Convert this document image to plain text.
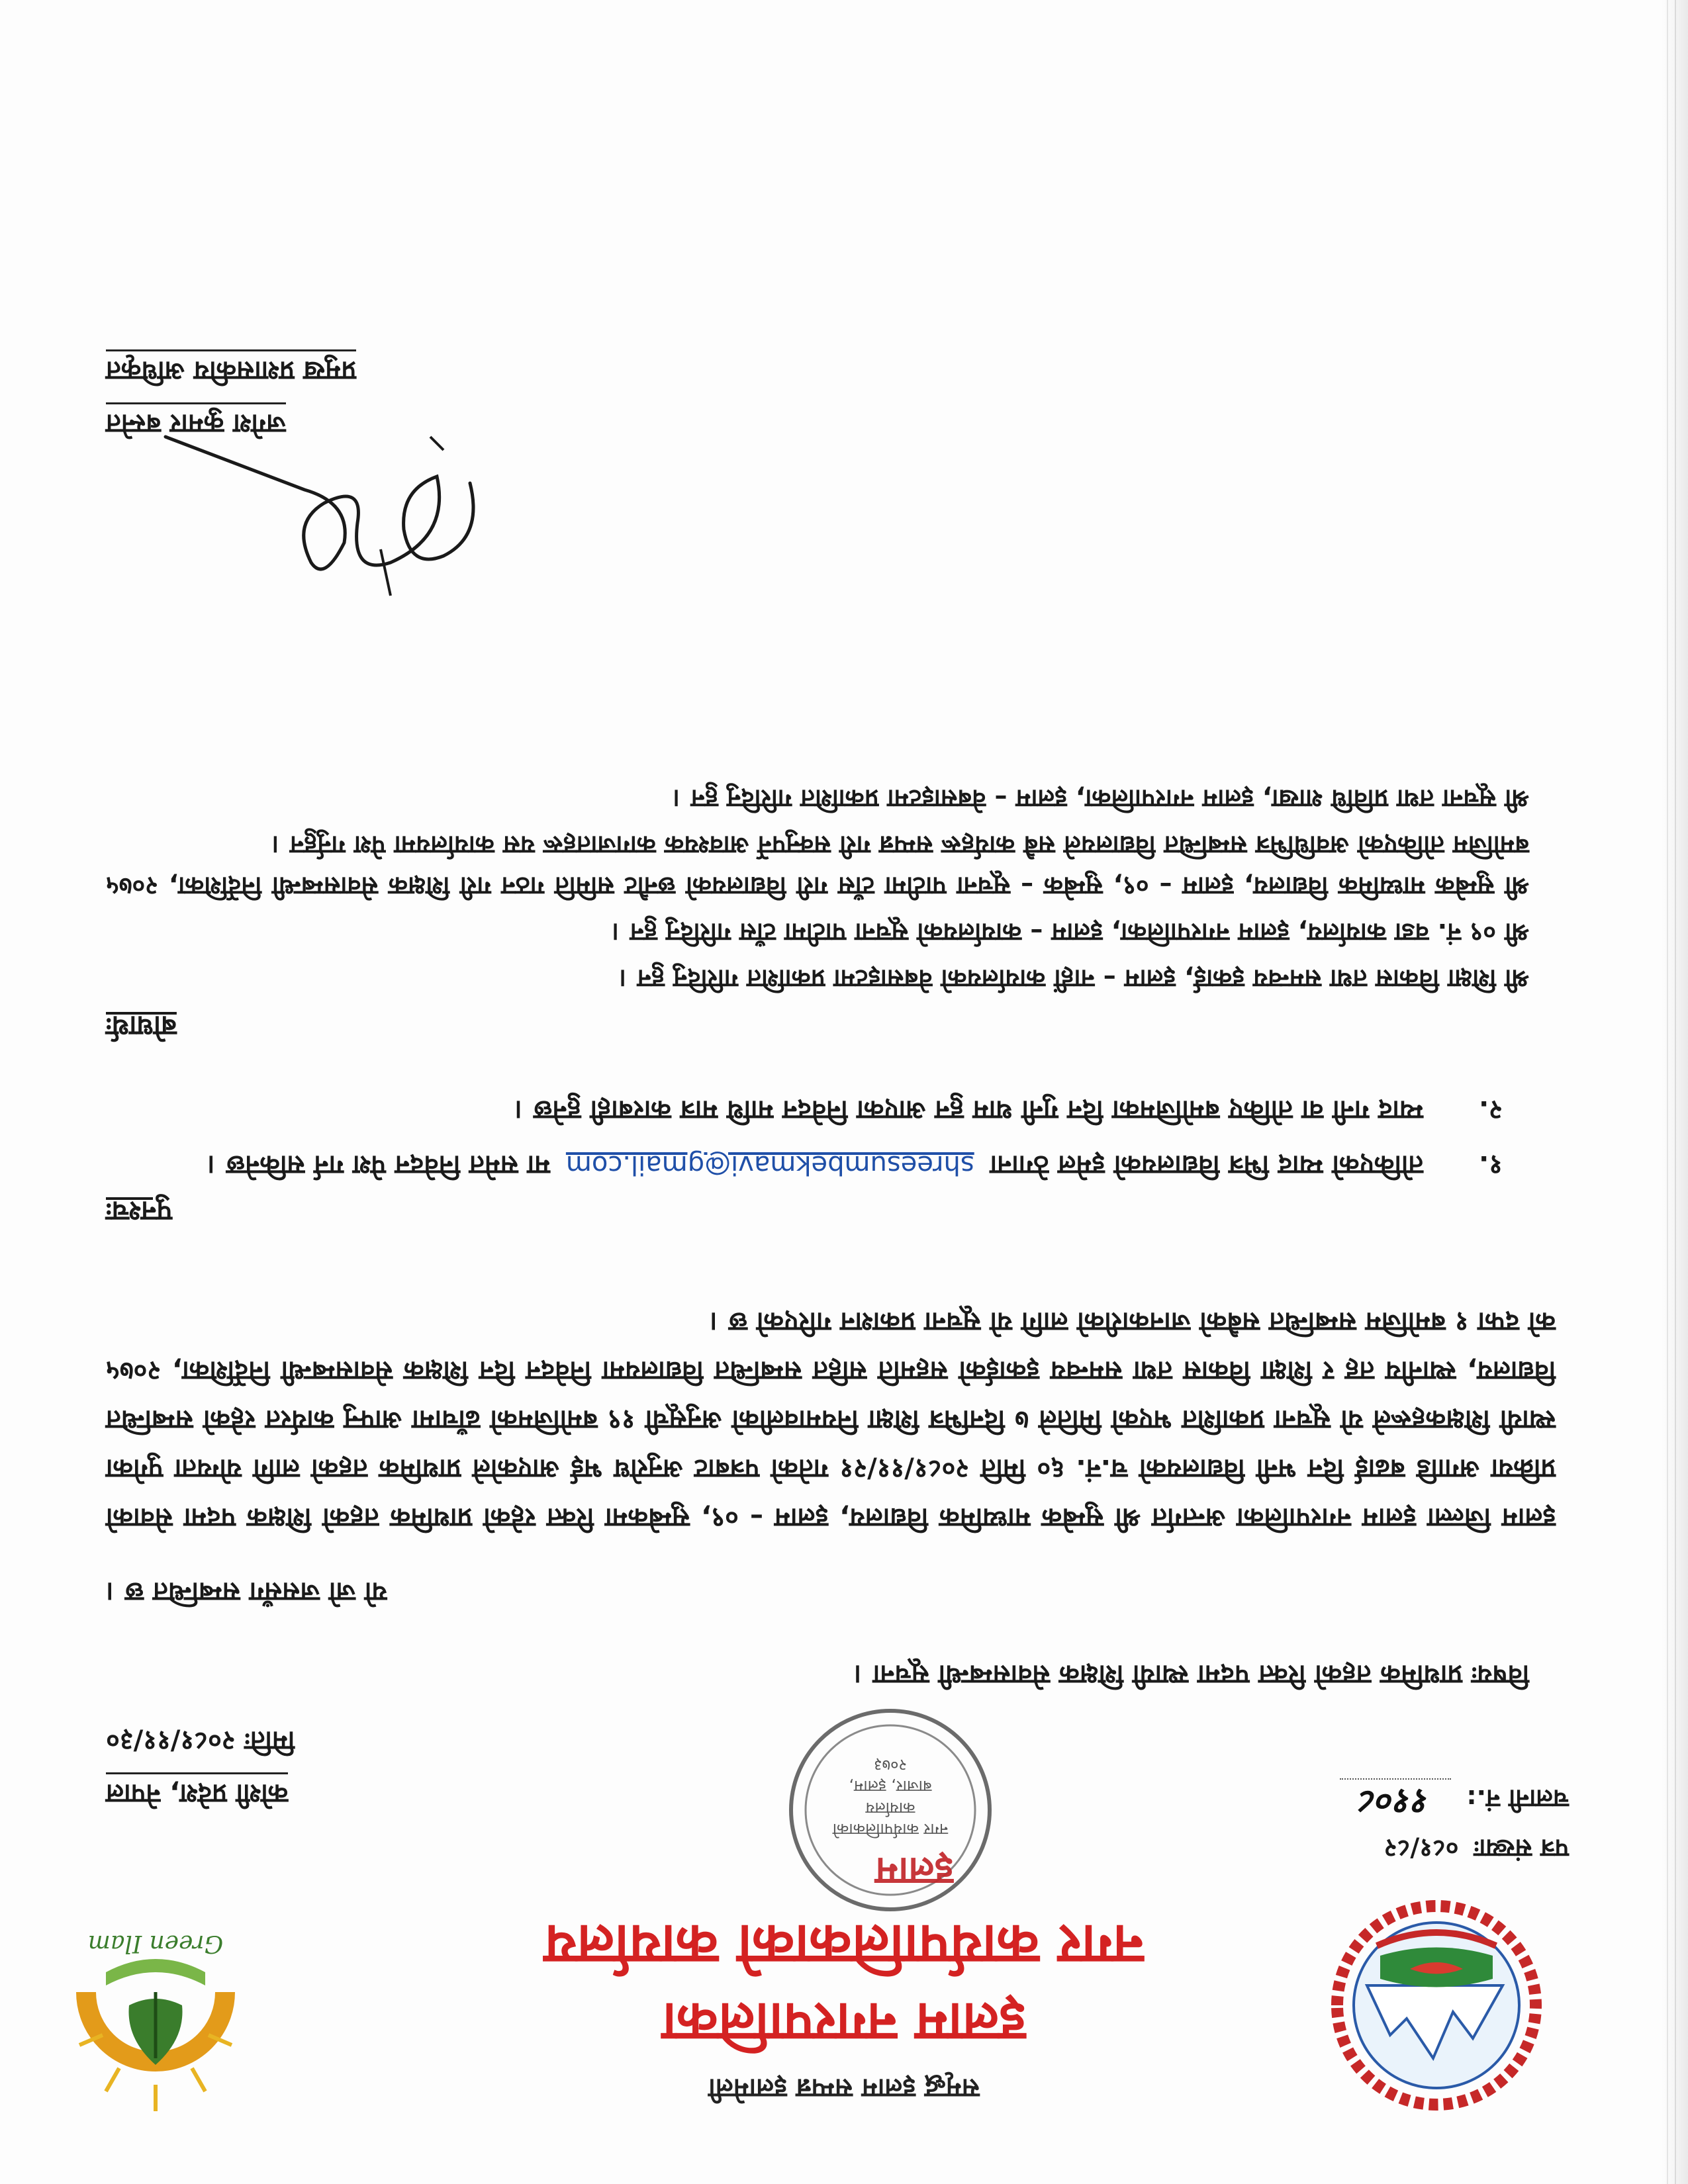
Green Ilam
समृद्ध इलाम सम्पन्न इलामेली
इलाम नगरपालिका
नगर कार्यपालिकाको कार्यालय
पत्र संख्याः ०८१/८२
चलानी नं.: ११०८
इलाम
नगर कार्यपालिकाको
कार्यालय
बाजार, इलाम,
२०७३
कोशी प्रदेश, नेपाल
मितिः २०८१/११/३०
विषयःप्राथमिक तहको रिक्त पदमा स्थायी शिक्षक सेवासम्बन्धी सूचना ।
यो जो जससँग सम्बन्धित छ ।
इलाम जिल्ला इलाम नगरपालिका अन्तर्गत श्री सुम्बेक माध्यमिक विद्यालय, इलाम – ०९, सुम्बेकमा रिक्त रहेको प्राथमिक तहको शिक्षक पदमा सेवाको प्रक्रिया अगाडि बढाई दिन भनी विद्यालयको च.नं. ६० मिति २०८१/११/२१ गतेको पत्रबाट अनुरोध भई आएकोले प्राथमिक तहको लागि योग्यता पुगेका स्थायी शिक्षकहरूले यो सूचना प्रकाशित भएको मितिले ७ दिनभित्र शिक्षा नियमावलीको अनुसूची १९ बमोजिमको ढाँचामा आफ्नु कार्यरत रहेको सम्बन्धित विद्यालय, स्थानीय तह र शिक्षा विकास तथा समन्वय इकाईको सहमति सहित सम्बन्धित विद्यालयमा निवेदन दिन शिक्षक सेवासम्बन्धी निर्देशिका, २०७५ को दफा १ बमोजिम सम्बन्धित सबैको जानकारीको लागि यो सूचना प्रकाशन गरिएको छ ।
पुनश्चः
१.
तोकिएको म्याद भित्र विद्यालयको इमेल ठेगाना shreesumbekmavi@gmail.com मा समेत निवेदन पेश गर्न सकिनेछ ।
२.
म्याद गनी वा तोकिए बमोजिमका दिन गुनी थाम हुन आएका निवेदन माथि मात्र कारबाही हुनेछ ।
बोधार्थः
श्री शिक्षा विकास तथा समन्वय इकाई, इलाम – नाहीं कार्यालयको वेबसाइटमा प्रकाशित गरिदिनु हुन ।
श्री ०९ नं. वडा कार्यालय, इलाम नगरपालिका, इलाम – कार्यालयको सूचना पाटीमा टाँस गरिदिनु हुन ।
श्री सुम्बेक माध्यमिक विद्यालय, इलाम – ०९, सुम्बेक – सूचना पाटीमा टाँस गरी विद्यालयको छनौट समिति गठन गरी शिक्षक सेवासम्बन्धी निर्देशिका, २०७५ बमोजिम तोकिएको अवधिभित्र सम्बन्धित विद्यालयले सबै कार्यहरू सम्पन्न गरी सक्नुपर्ने आवश्यक कागजातहरू यस कार्यालयमा पेश गर्नुहुन ।
श्री सूचना तथा प्रविधि शाखा, इलाम नगरपालिका, इलाम – वेबसाइटमा प्रकाशित गरिदिनु हुन ।
जगेश कुमार बस्नेत
प्रमुख प्रशासकीय अधिकृत
